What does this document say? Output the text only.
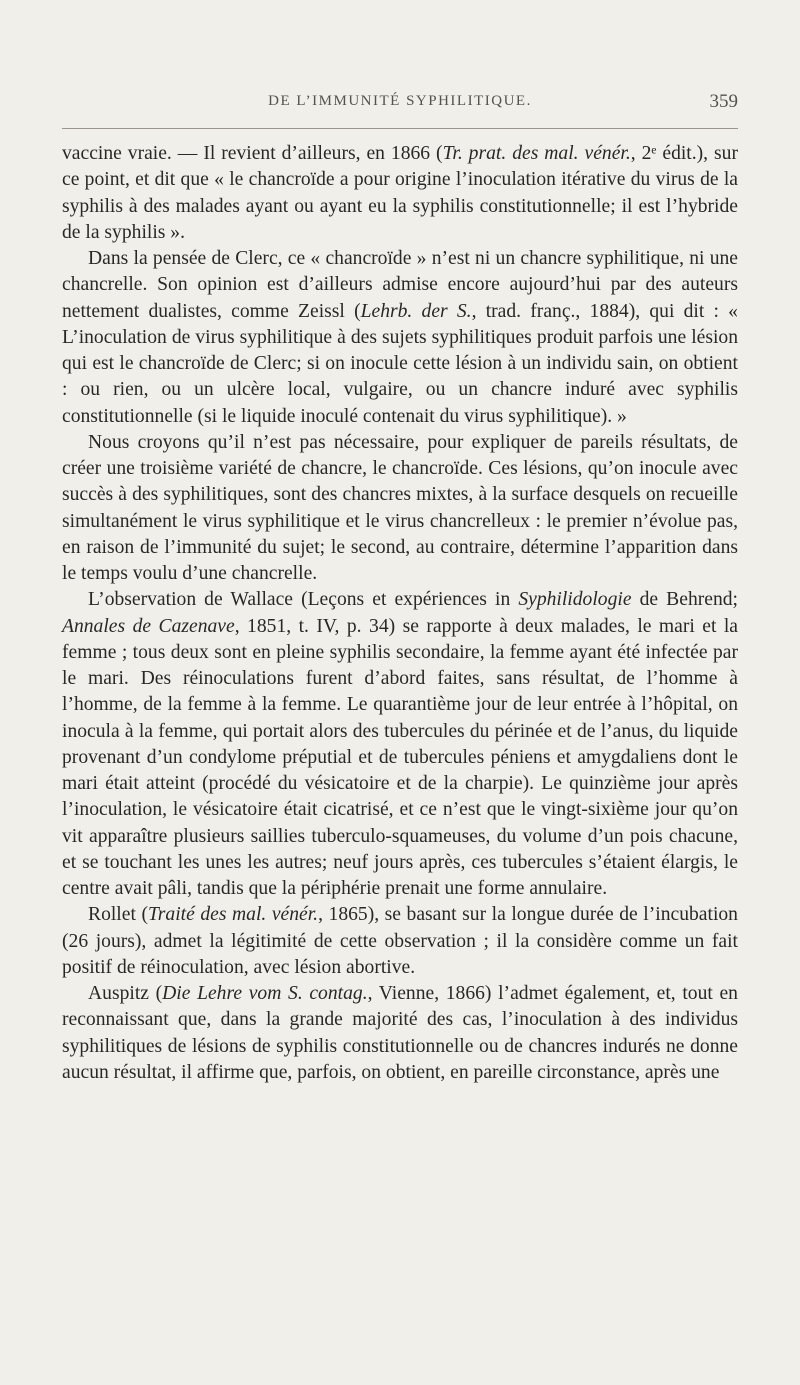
DE L’IMMUNITÉ SYPHILITIQUE.	359

vaccine vraie. — Il revient d’ailleurs, en 1866 (Tr. prat. des mal. vénér., 2ᵉ édit.), sur ce point, et dit que « le chancroïde a pour origine l’inoculation itérative du virus de la syphilis à des malades ayant ou ayant eu la syphilis constitutionnelle; il est l’hybride de la syphilis ».

Dans la pensée de Clerc, ce « chancroïde » n’est ni un chancre syphilitique, ni une chancrelle. Son opinion est d’ailleurs admise encore aujourd’hui par des auteurs nettement dualistes, comme Zeissl (Lehrb. der S., trad. franç., 1884), qui dit : « L’inoculation de virus syphilitique à des sujets syphilitiques produit parfois une lésion qui est le chancroïde de Clerc; si on inocule cette lésion à un individu sain, on obtient : ou rien, ou un ulcère local, vulgaire, ou un chancre induré avec syphilis constitutionnelle (si le liquide inoculé contenait du virus syphilitique). »

Nous croyons qu’il n’est pas nécessaire, pour expliquer de pareils résultats, de créer une troisième variété de chancre, le chancroïde. Ces lésions, qu’on inocule avec succès à des syphilitiques, sont des chancres mixtes, à la surface desquels on recueille simultanément le virus syphilitique et le virus chancrelleux : le premier n’évolue pas, en raison de l’immunité du sujet; le second, au contraire, détermine l’apparition dans le temps voulu d’une chancrelle.

L’observation de Wallace (Leçons et expériences in Syphilidologie de Behrend; Annales de Cazenave, 1851, t. IV, p. 34) se rapporte à deux malades, le mari et la femme ; tous deux sont en pleine syphilis secondaire, la femme ayant été infectée par le mari. Des réinoculations furent d’abord faites, sans résultat, de l’homme à l’homme, de la femme à la femme. Le quarantième jour de leur entrée à l’hôpital, on inocula à la femme, qui portait alors des tubercules du périnée et de l’anus, du liquide provenant d’un condylome préputial et de tubercules péniens et amygdaliens dont le mari était atteint (procédé du vésicatoire et de la charpie). Le quinzième jour après l’inoculation, le vésicatoire était cicatrisé, et ce n’est que le vingt-sixième jour qu’on vit apparaître plusieurs saillies tuberculo-squameuses, du volume d’un pois chacune, et se touchant les unes les autres; neuf jours après, ces tubercules s’étaient élargis, le centre avait pâli, tandis que la périphérie prenait une forme annulaire.

Rollet (Traité des mal. vénér., 1865), se basant sur la longue durée de l’incubation (26 jours), admet la légitimité de cette observation ; il la considère comme un fait positif de réinoculation, avec lésion abortive.

Auspitz (Die Lehre vom S. contag., Vienne, 1866) l’admet également, et, tout en reconnaissant que, dans la grande majorité des cas, l’inoculation à des individus syphilitiques de lésions de syphilis constitutionnelle ou de chancres indurés ne donne aucun résultat, il affirme que, parfois, on obtient, en pareille circonstance, après une
